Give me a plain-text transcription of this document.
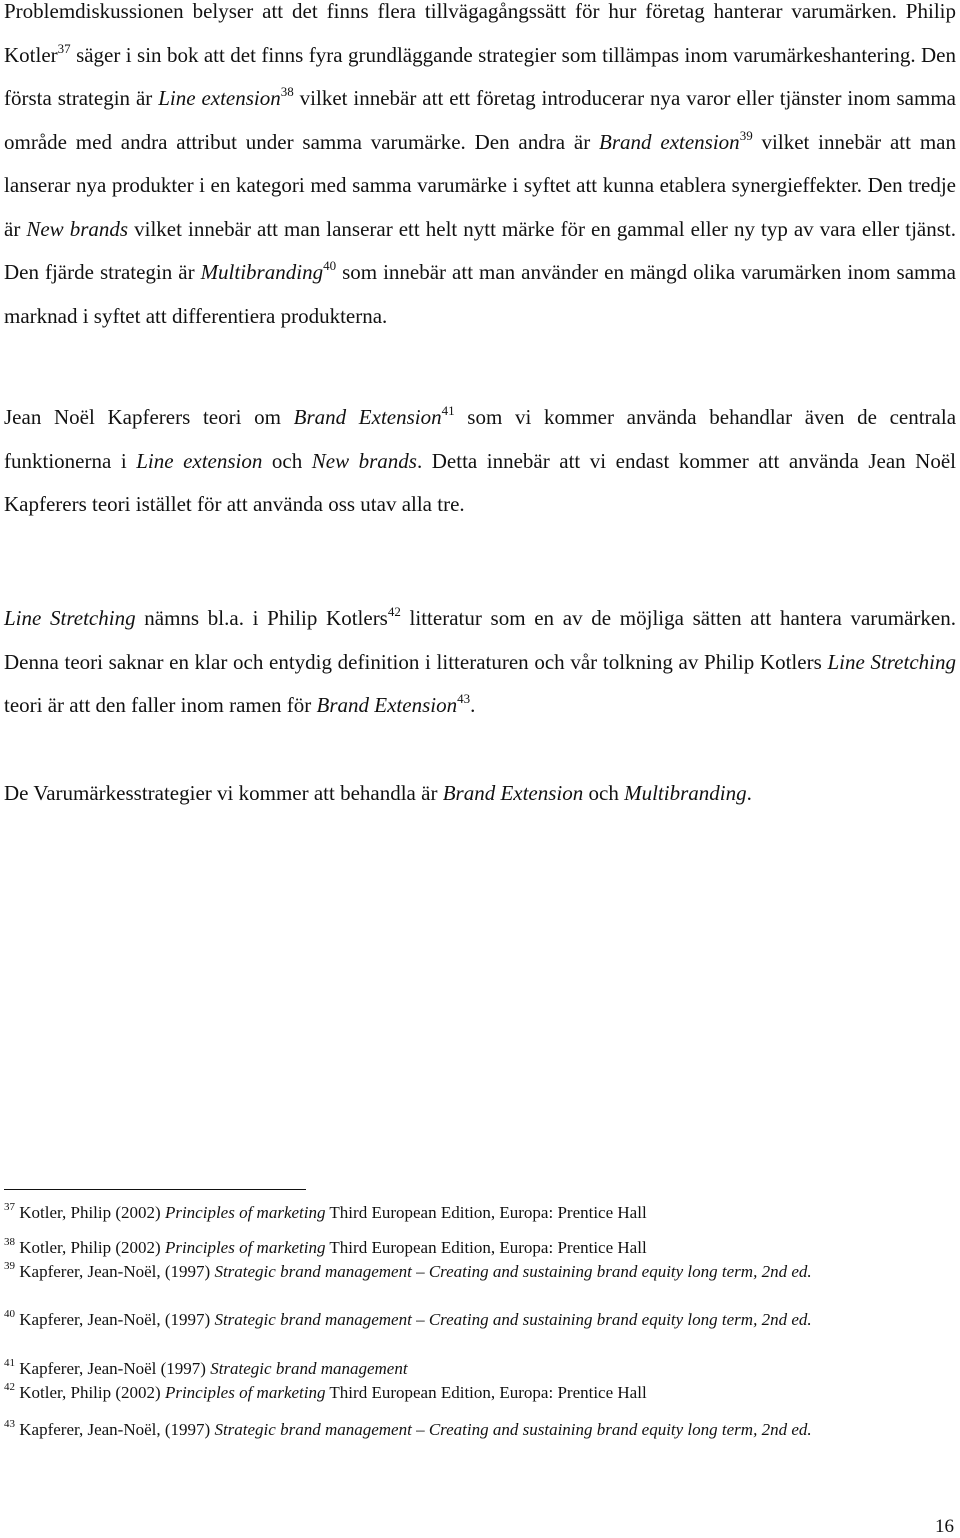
Problemdiskussionen belyser att det finns flera tillvägagångssätt för hur företag hanterar varumärken. Philip Kotler$^{37}$ säger i sin bok att det finns fyra grundläggande strategier som tillämpas inom varumärkeshantering. Den första strategin är Line extension$^{38}$ vilket innebär att ett företag introducerar nya varor eller tjänster inom samma område med andra attribut under samma varumärke. Den andra är Brand extension$^{39}$ vilket innebär att man lanserar nya produkter i en kategori med samma varumärke i syftet att kunna etablera synergieffekter. Den tredje är New brands vilket innebär att man lanserar ett helt nytt märke för en gammal eller ny typ av vara eller tjänst. Den fjärde strategin är Multibranding$^{40}$ som innebär att man använder en mängd olika varumärken inom samma marknad i syftet att differentiera produkterna.

Jean Noël Kapferers teori om Brand Extension$^{41}$ som vi kommer använda behandlar även de centrala funktionerna i Line extension och New brands. Detta innebär att vi endast kommer att använda Jean Noël Kapferers teori istället för att använda oss utav alla tre.

Line Stretching nämns bl.a. i Philip Kotlers$^{42}$ litteratur som en av de möjliga sätten att hantera varumärken. Denna teori saknar en klar och entydig definition i litteraturen och vår tolkning av Philip Kotlers Line Stretching teori är att den faller inom ramen för Brand Extension$^{43}$.

De Varumärkesstrategier vi kommer att behandla är Brand Extension och Multibranding.

$^{37}$ Kotler, Philip (2002) Principles of marketing Third European Edition, Europa: Prentice Hall

$^{38}$ Kotler, Philip (2002) Principles of marketing Third European Edition, Europa: Prentice Hall

$^{39}$ Kapferer, Jean-Noël, (1997) Strategic brand management – Creating and sustaining brand equity long term, 2nd ed.

$^{40}$ Kapferer, Jean-Noël, (1997) Strategic brand management – Creating and sustaining brand equity long term, 2nd ed.

$^{41}$ Kapferer, Jean-Noël (1997) Strategic brand management

$^{42}$ Kotler, Philip (2002) Principles of marketing Third European Edition, Europa: Prentice Hall

$^{43}$ Kapferer, Jean-Noël, (1997) Strategic brand management – Creating and sustaining brand equity long term, 2nd ed.

16
